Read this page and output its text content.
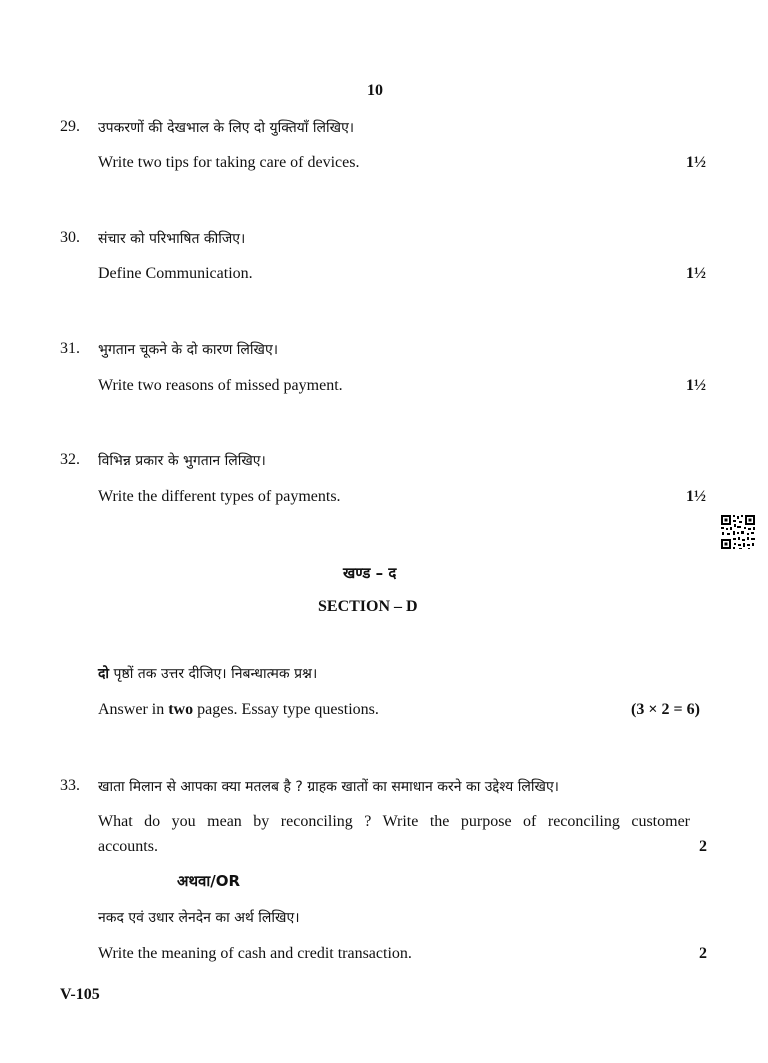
10
29. उपकरणों की देखभाल के लिए दो युक्तियाँ लिखिए।
Write two tips for taking care of devices.	1½
30. संचार को परिभाषित कीजिए।
Define Communication.	1½
31. भुगतान चूकने के दो कारण लिखिए।
Write two reasons of missed payment.	1½
32. विभिन्न प्रकार के भुगतान लिखिए।
Write the different types of payments.	1½
खण्ड – द
SECTION – D
दो पृष्ठों तक उत्तर दीजिए। निबन्धात्मक प्रश्न।
Answer in two pages. Essay type questions.	(3 × 2 = 6)
33. खाता मिलान से आपका क्या मतलब है ? ग्राहक खातों का समाधान करने का उद्देश्य लिखिए।
What do you mean by reconciling ? Write the purpose of reconciling customer
accounts.	2
अथवा/OR
नकद एवं उधार लेनदेन का अर्थ लिखिए।
Write the meaning of cash and credit transaction.	2
V-105
